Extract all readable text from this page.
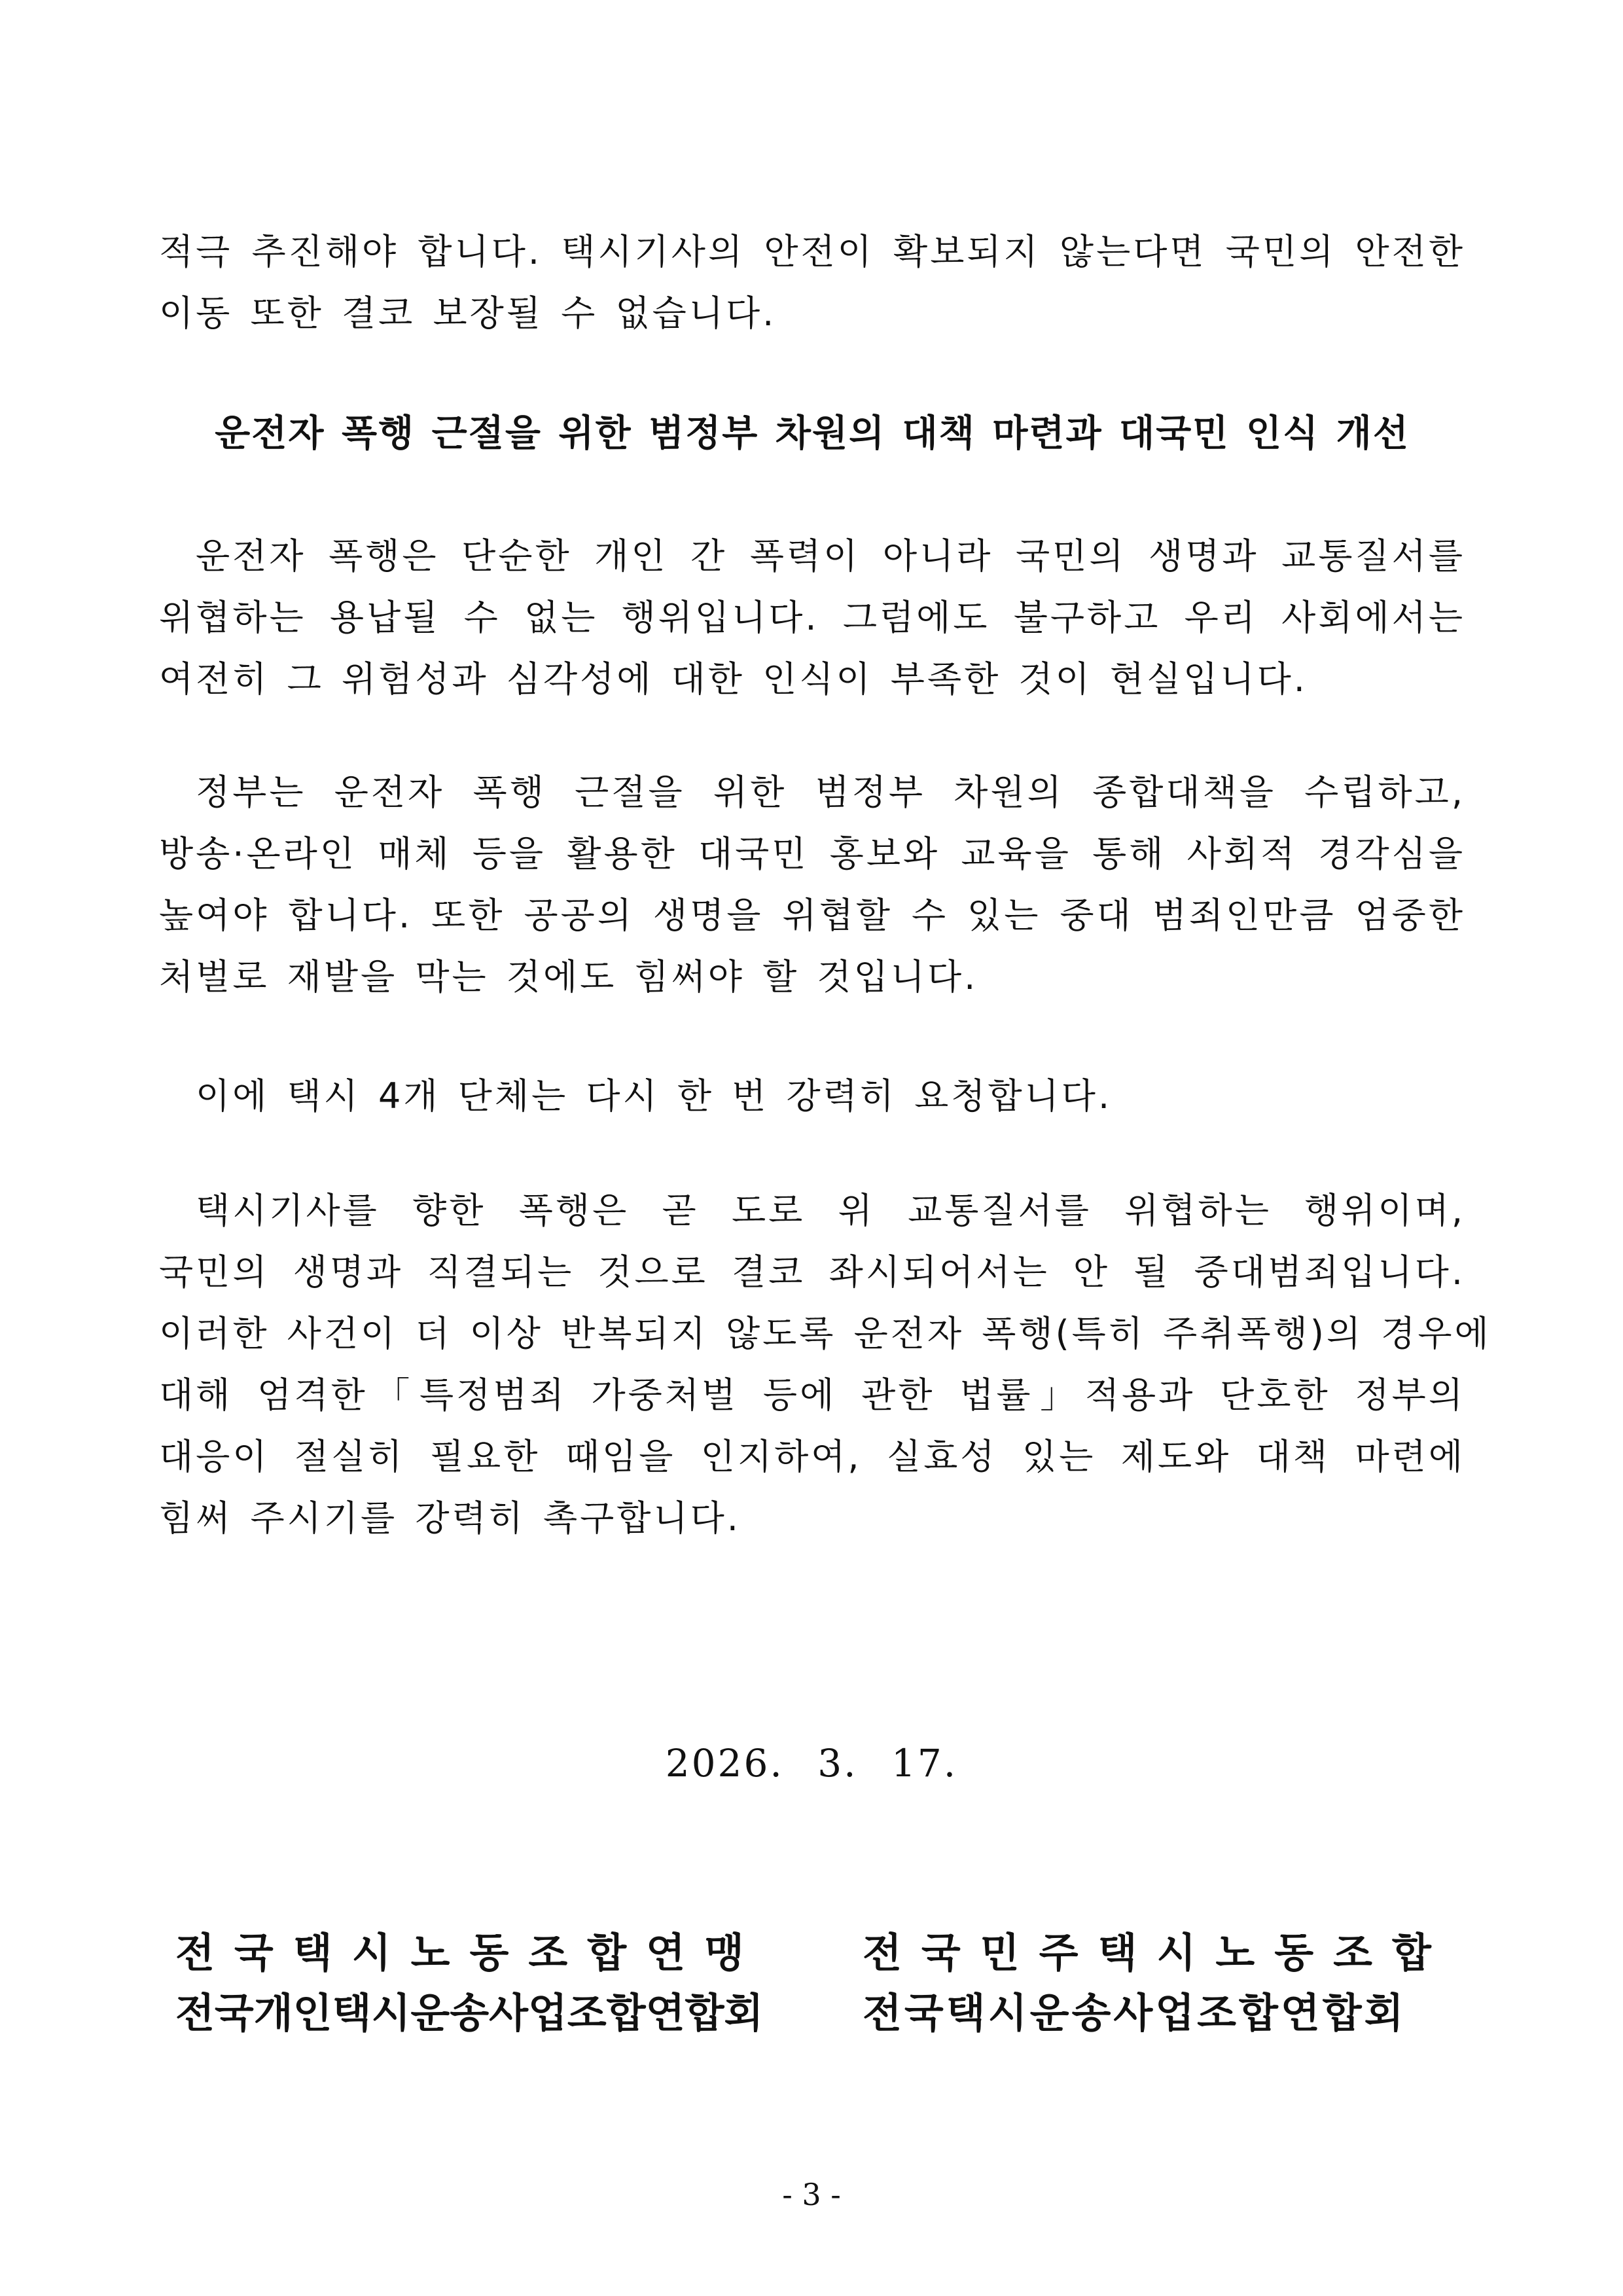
적극 추진해야 합니다. 택시기사의 안전이 확보되지 않는다면 국민의 안전한
이동 또한 결코 보장될 수 없습니다.

운전자 폭행 근절을 위한 범정부 차원의 대책 마련과 대국민 인식 개선

운전자 폭행은 단순한 개인 간 폭력이 아니라 국민의 생명과 교통질서를
위협하는 용납될 수 없는 행위입니다. 그럼에도 불구하고 우리 사회에서는
여전히 그 위험성과 심각성에 대한 인식이 부족한 것이 현실입니다.

정부는 운전자 폭행 근절을 위한 범정부 차원의 종합대책을 수립하고,
방송·온라인 매체 등을 활용한 대국민 홍보와 교육을 통해 사회적 경각심을
높여야 합니다. 또한 공공의 생명을 위협할 수 있는 중대 범죄인만큼 엄중한
처벌로 재발을 막는 것에도 힘써야 할 것입니다.

이에 택시 4개 단체는 다시 한 번 강력히 요청합니다.

택시기사를 향한 폭행은 곧 도로 위 교통질서를 위협하는 행위이며,
국민의 생명과 직결되는 것으로 결코 좌시되어서는 안 될 중대범죄입니다.
이러한 사건이 더 이상 반복되지 않도록 운전자 폭행(특히 주취폭행)의 경우에
대해 엄격한「특정범죄 가중처벌 등에 관한 법률」적용과 단호한 정부의
대응이 절실히 필요한 때임을 인지하여, 실효성 있는 제도와 대책 마련에
힘써 주시기를 강력히 촉구합니다.

2026. 3. 17.

전국택시노동조합연맹 전국민주택시노동조합

전국개인택시운송사업조합연합회 전국택시운송사업조합연합회

- 3 -
